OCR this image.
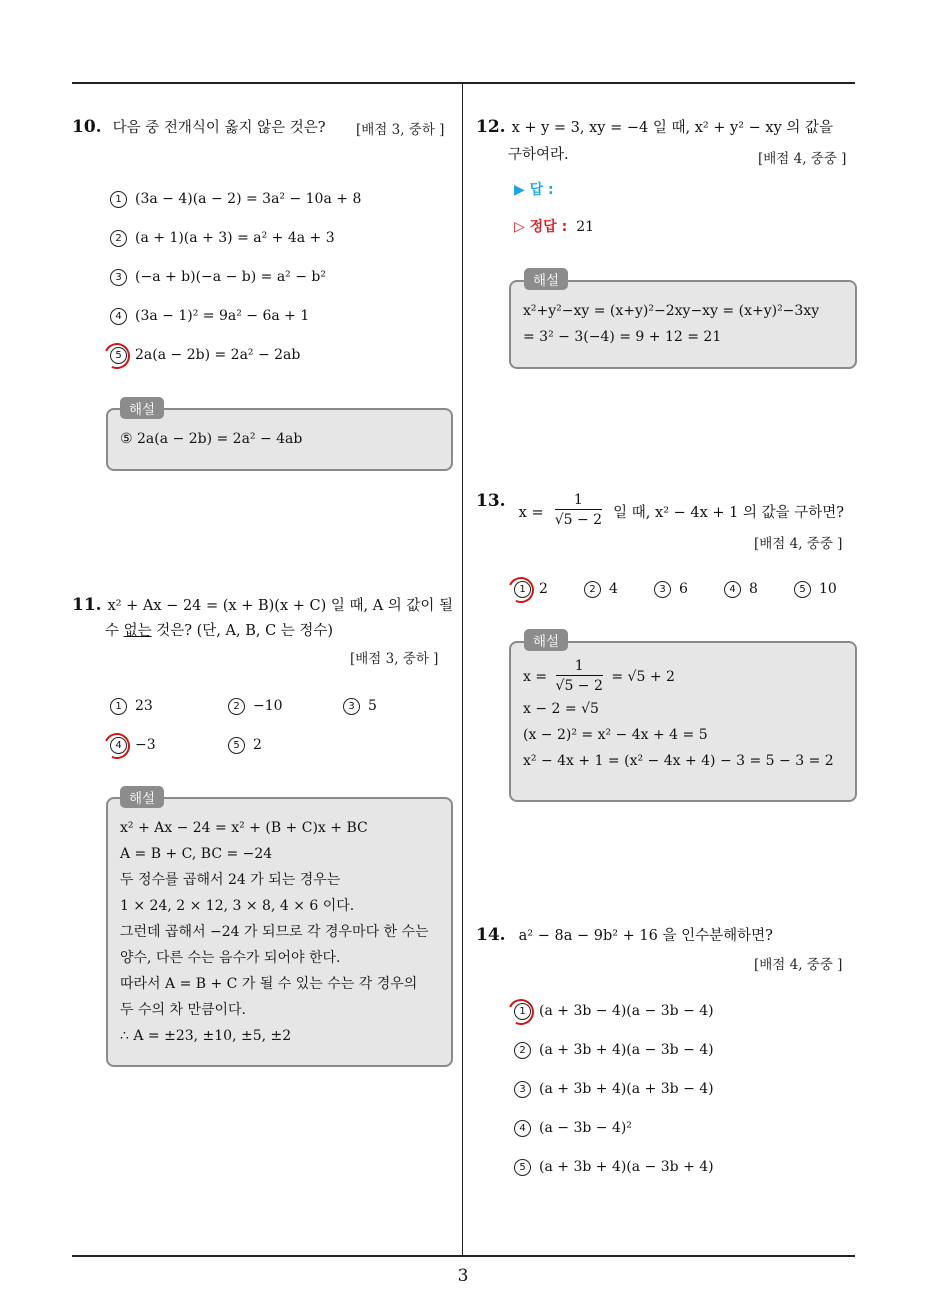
10. 다음 중 전개식이 옳지 않은 것은? [배점 3, 중하 ]
1 (3a − 4)(a − 2) = 3a² − 10a + 8
2 (a + 1)(a + 3) = a² + 4a + 3
3 (−a + b)(−a − b) = a² − b²
4 (3a − 1)² = 9a² − 6a + 1
5 2a(a − 2b) = 2a² − 2ab
⑤ 2a(a − 2b) = 2a² − 4ab
해설
11. x² + Ax − 24 = (x + B)(x + C) 일 때, A 의 값이 될
수 없는 것은? (단, A, B, C 는 정수)
[배점 3, 중하 ]
1 23	2 −10	3 5
4 −3	5 2
x² + Ax − 24 = x² + (B + C)x + BC
A = B + C, BC = −24
두 정수를 곱해서 24 가 되는 경우는
1 × 24, 2 × 12, 3 × 8, 4 × 6 이다.
그런데 곱해서 −24 가 되므로 각 경우마다 한 수는
양수, 다른 수는 음수가 되어야 한다.
따라서 A = B + C 가 될 수 있는 수는 각 경우의
두 수의 차 만큼이다.
∴ A = ±23, ±10, ±5, ±2
해설
12. x + y = 3, xy = −4 일 때, x² + y² − xy 의 값을
구하여라.	[배점 4, 중중 ]
▶ 답 :
▷ 정답 : 21
x²+y²−xy = (x+y)²−2xy−xy = (x+y)²−3xy
= 3² − 3(−4) = 9 + 12 = 21
해설
13. $x = \frac{1}{√5 - 2}$ 일 때, x² − 4x + 1 의 값을 구하면?
[배점 4, 중중 ]
1 2	2 4	3 6	4 8	5 10
$x = \frac{1}{√5 - 2} = √5 + 2$
x − 2 = √5
(x − 2)² = x² − 4x + 4 = 5
x² − 4x + 1 = (x² − 4x + 4) − 3 = 5 − 3 = 2
해설
14. a² − 8a − 9b² + 16 을 인수분해하면?
[배점 4, 중중 ]
1 (a + 3b − 4)(a − 3b − 4)
2 (a + 3b + 4)(a − 3b − 4)
3 (a + 3b + 4)(a + 3b − 4)
4 (a − 3b − 4)²
5 (a + 3b + 4)(a − 3b + 4)
3
